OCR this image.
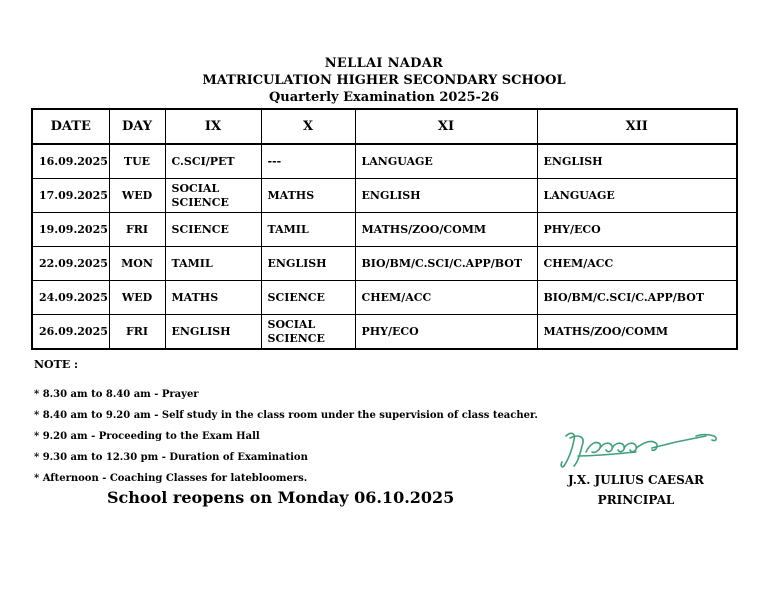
NELLAI NADAR
MATRICULATION HIGHER SECONDARY SCHOOL
Quarterly Examination 2025-26
DATE	DAY	IX	X	XI	XII
16.09.2025	TUE	C.SCI/PET	---	LANGUAGE	ENGLISH
17.09.2025	WED	SOCIAL SCIENCE	MATHS	ENGLISH	LANGUAGE
19.09.2025	FRI	SCIENCE	TAMIL	MATHS/ZOO/COMM	PHY/ECO
22.09.2025	MON	TAMIL	ENGLISH	BIO/BM/C.SCI/C.APP/BOT	CHEM/ACC
24.09.2025	WED	MATHS	SCIENCE	CHEM/ACC	BIO/BM/C.SCI/C.APP/BOT
26.09.2025	FRI	ENGLISH	SOCIAL SCIENCE	PHY/ECO	MATHS/ZOO/COMM
NOTE :
* 8.30 am to 8.40 am - Prayer
* 8.40 am to 9.20 am - Self study in the class room under the supervision of class teacher.
* 9.20 am - Proceeding to the Exam Hall
* 9.30 am to 12.30 pm - Duration of Examination
* Afternoon - Coaching Classes for latebloomers.
School reopens on Monday 06.10.2025
J.X. JULIUS CAESAR
PRINCIPAL
